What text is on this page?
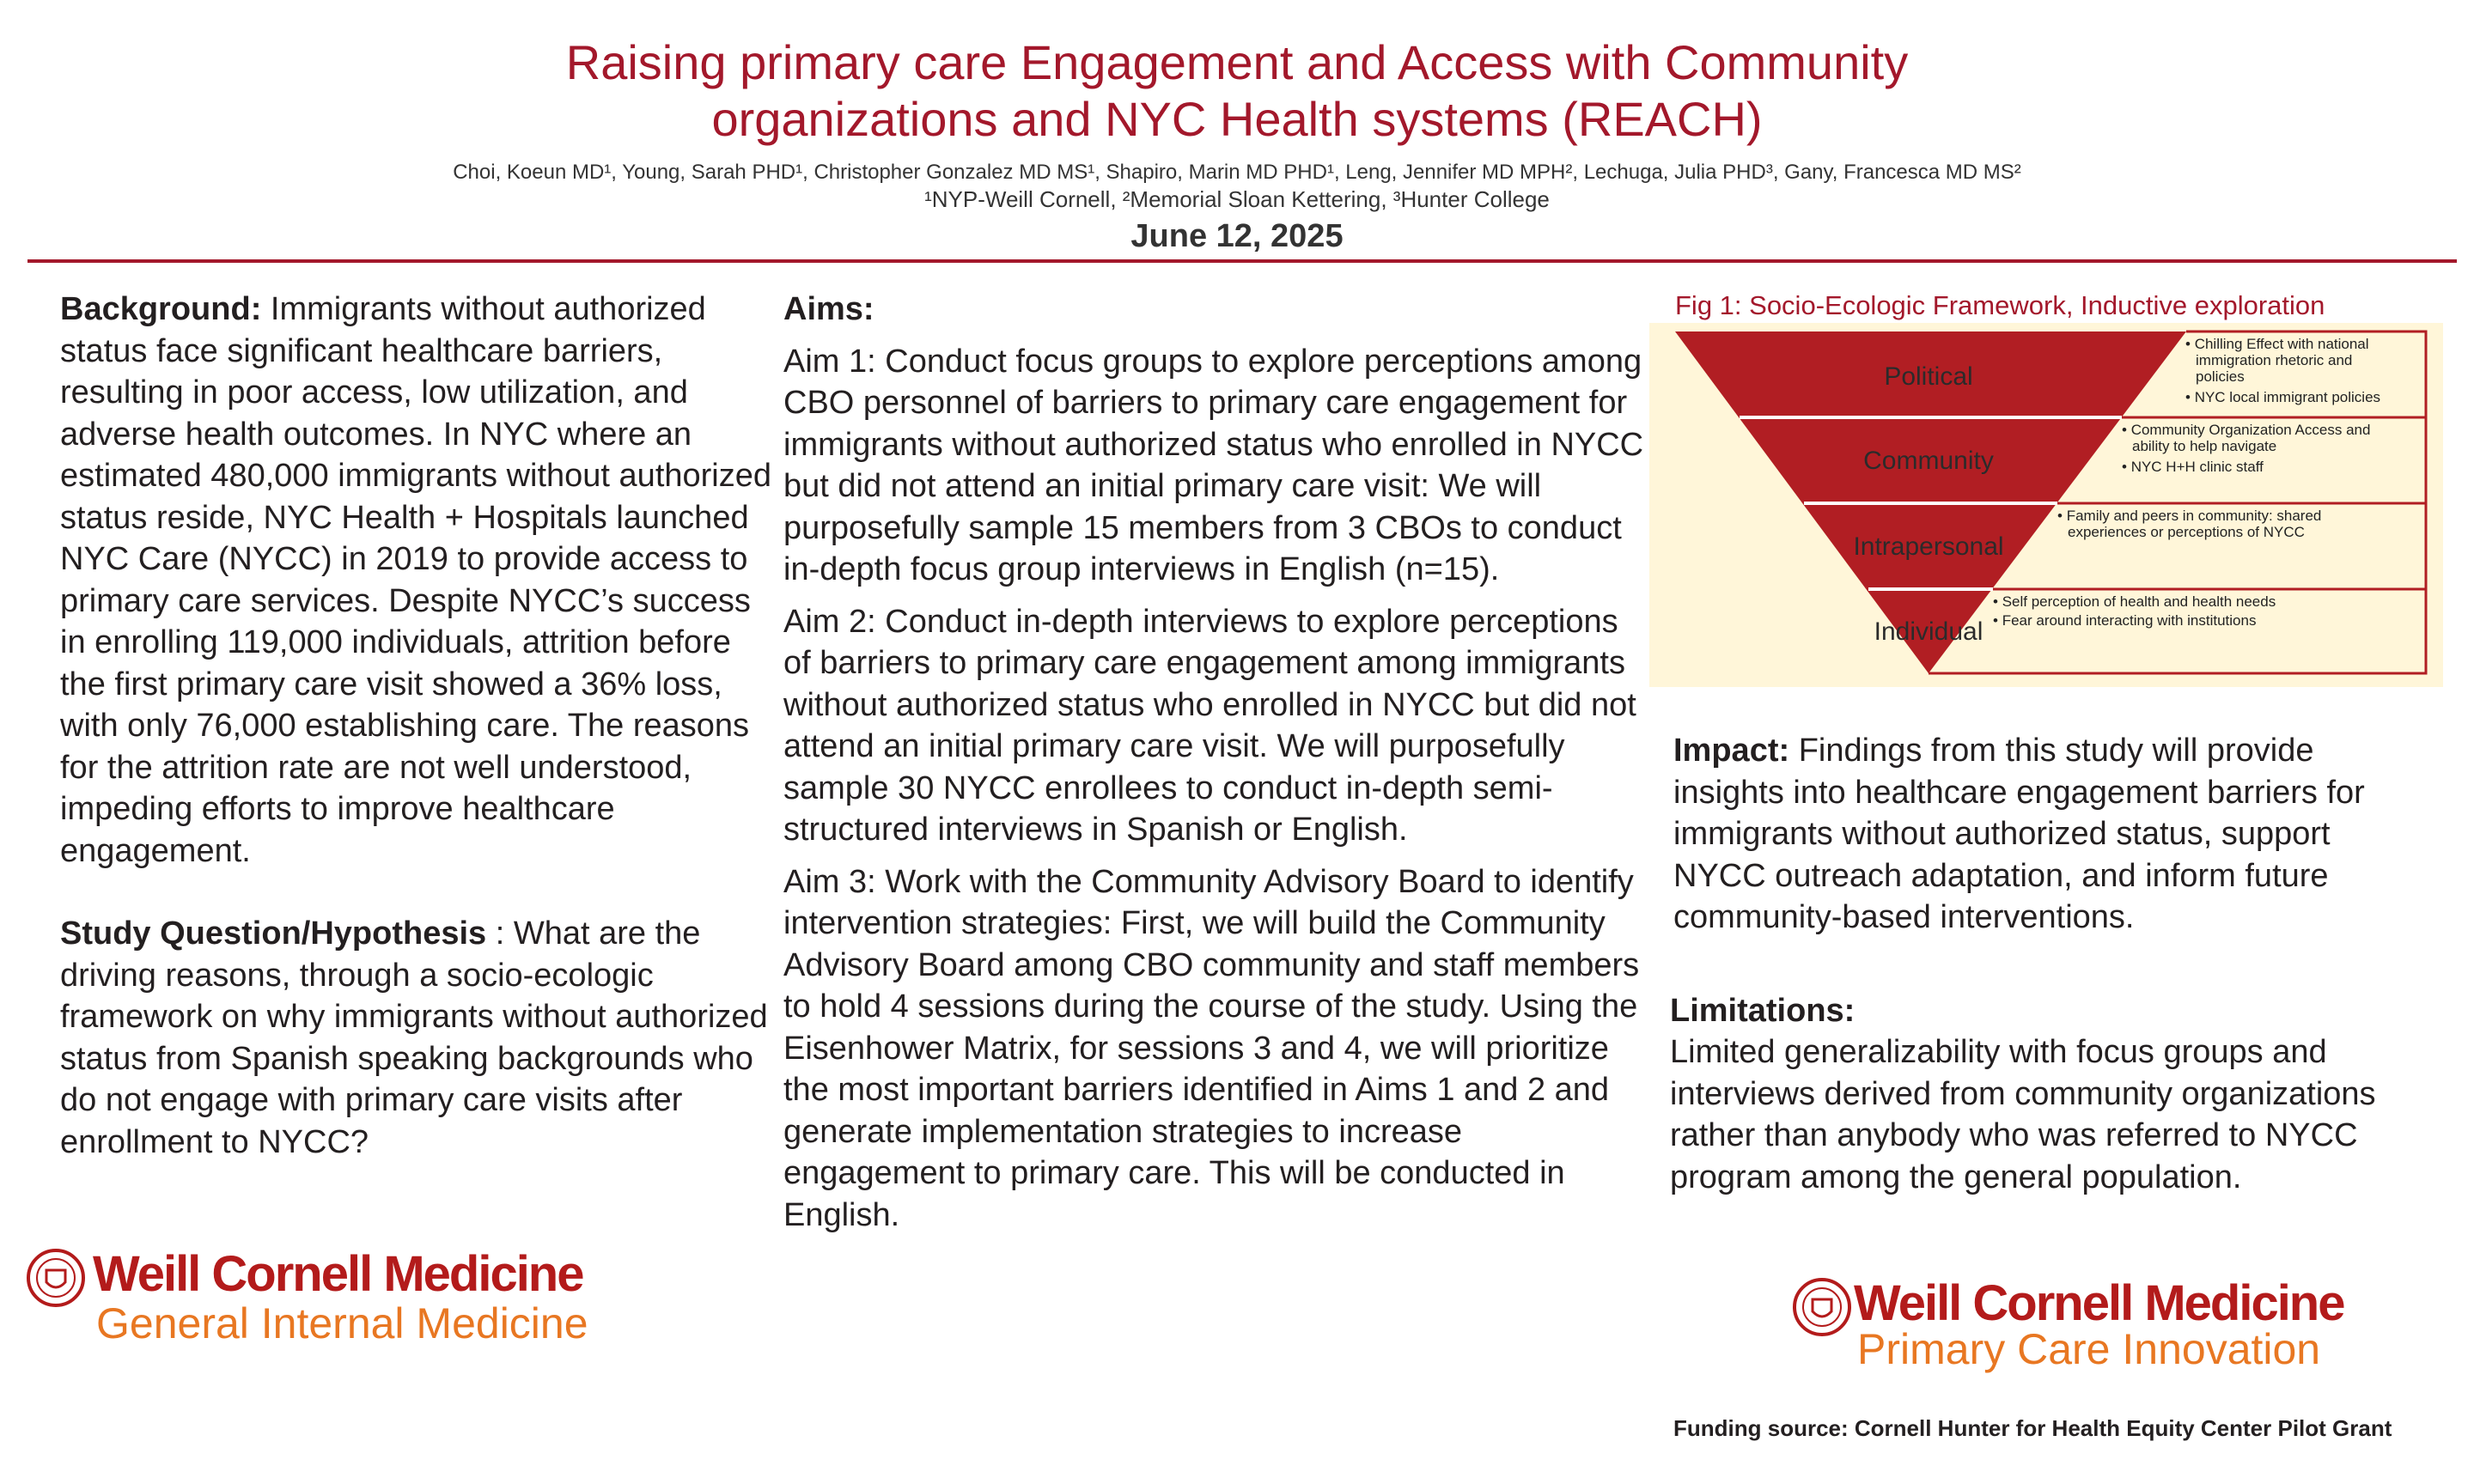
Raising primary care Engagement and Access with Community
organizations and NYC Health systems (REACH)
Choi, Koeun MD¹, Young, Sarah PHD¹, Christopher Gonzalez MD MS¹, Shapiro, Marin MD PHD¹, Leng, Jennifer MD MPH², Lechuga, Julia PHD³, Gany, Francesca MD MS²
¹NYP-Weill Cornell, ²Memorial Sloan Kettering, ³Hunter College
June 12, 2025

Background: Immigrants without authorized status face significant healthcare barriers, resulting in poor access, low utilization, and adverse health outcomes. In NYC where an estimated 480,000 immigrants without authorized status reside, NYC Health + Hospitals launched NYC Care (NYCC) in 2019 to provide access to primary care services. Despite NYCC’s success in enrolling 119,000 individuals, attrition before the first primary care visit showed a 36% loss, with only 76,000 establishing care. The reasons for the attrition rate are not well understood, impeding efforts to improve healthcare engagement.

Study Question/Hypothesis : What are the driving reasons, through a socio-ecologic framework on why immigrants without authorized status from Spanish speaking backgrounds who do not engage with primary care visits after enrollment to NYCC?

Aims:

Aim 1: Conduct focus groups to explore perceptions among CBO personnel of barriers to primary care engagement for immigrants without authorized status who enrolled in NYCC but did not attend an initial primary care visit: We will purposefully sample 15 members from 3 CBOs to conduct in-depth focus group interviews in English (n=15).

Aim 2: Conduct in-depth interviews to explore perceptions of barriers to primary care engagement among immigrants without authorized status who enrolled in NYCC but did not attend an initial primary care visit. We will purposefully sample 30 NYCC enrollees to conduct in-depth semi-structured interviews in Spanish or English.

Aim 3: Work with the Community Advisory Board to identify intervention strategies: First, we will build the Community Advisory Board among CBO community and staff members to hold 4 sessions during the course of the study. Using the Eisenhower Matrix, for sessions 3 and 4, we will prioritize the most important barriers identified in Aims 1 and 2 and generate implementation strategies to increase engagement to primary care. This will be conducted in English.

Fig 1: Socio-Ecologic Framework, Inductive exploration
Political
Community
Intrapersonal
Individual
• Chilling Effect with national
immigration rhetoric and
policies
• NYC local immigrant policies
• Community Organization Access and
ability to help navigate
• NYC H+H clinic staff
• Family and peers in community: shared
experiences or perceptions of NYCC
• Self perception of health and health needs
• Fear around interacting with institutions

Impact: Findings from this study will provide insights into healthcare engagement barriers for immigrants without authorized status, support NYCC outreach adaptation, and inform future community-based interventions.

Limitations:

Limited generalizability with focus groups and interviews derived from community organizations rather than anybody who was referred to NYCC program among the general population.

Weill Cornell Medicine
General Internal Medicine	Weill Cornell Medicine
Primary Care Innovation
Funding source: Cornell Hunter for Health Equity Center Pilot Grant
